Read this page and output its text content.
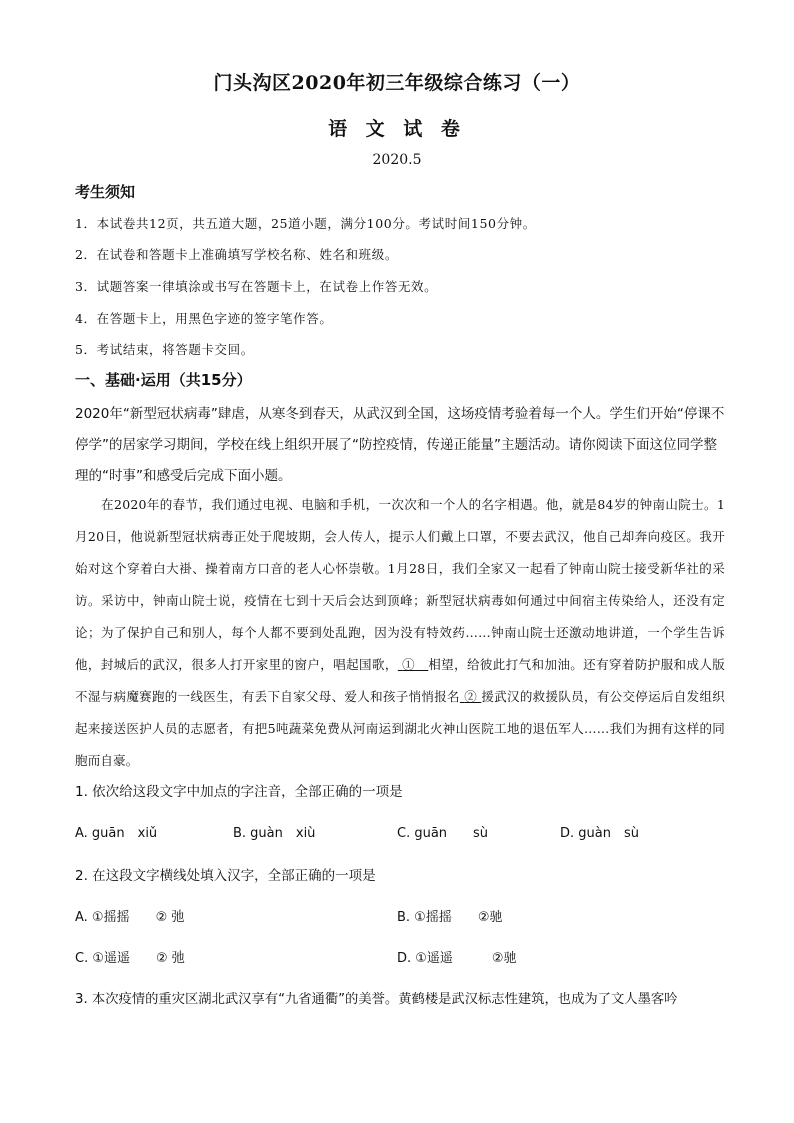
门头沟区2020年初三年级综合练习（一）
语 文 试 卷
2020.5
考生须知
1．本试卷共12页，共五道大题，25道小题，满分100分。考试时间150分钟。
2．在试卷和答题卡上准确填写学校名称、姓名和班级。
3．试题答案一律填涂或书写在答题卡上，在试卷上作答无效。
4．在答题卡上，用黑色字迹的签字笔作答。
5．考试结束，将答题卡交回。
一、基础·运用（共15分）
2020年“新型冠状病毒”肆虐，从寒冬到春天，从武汉到全国，这场疫情考验着每一个人。学生们开始“停课不停学”的居家学习期间，学校在线上组织开展了“防控疫情，传递正能量”主题活动。请你阅读下面这位同学整理的“时事”和感受后完成下面小题。
在2020年的春节，我们通过电视、电脑和手机，一次次和一个人的名字相遇。他，就是84岁的钟南山院士。1月20日，他说新型冠状病毒正处于爬坡期，会人传人，提示人们戴上口罩，不要去武汉，他自己却奔向疫区。我开始对这个穿着白大褂、操着南方口音的老人心怀崇敬。1月28日，我们全家又一起看了钟南山院士接受新华社的采访。采访中，钟南山院士说，疫情在七到十天后会达到顶峰；新型冠状病毒如何通过中间宿主传染给人，还没有定论；为了保护自己和别人，每个人都不要到处乱跑，因为没有特效药……钟南山院士还激动地讲道，一个学生告诉他，封城后的武汉，很多人打开家里的窗户，唱起国歌， ① 相望，给彼此打气和加油。还有穿着防护服和成人版不湿与病魔赛跑的一线医生，有丢下自家父母、爱人和孩子悄悄报名 ② 援武汉的救援队员，有公交停运后自发组织起来接送医护人员的志愿者，有把5吨蔬菜免费从河南运到湖北火神山医院工地的退伍军人……我们为拥有这样的同胞而自豪。
1. 依次给这段文字中加点的字注音，全部正确的一项是
A. guān　xiǔ	B. guàn　xiù	C. guān　　sù	D. guàn　sù
2. 在这段文字横线处填入汉字，全部正确的一项是
A. ①摇摇　　② 弛	B. ①摇摇　　②驰
C. ①遥遥　　② 弛	D. ①遥遥　　　②驰
3. 本次疫情的重灾区湖北武汉享有“九省通衢”的美誉。黄鹤楼是武汉标志性建筑，也成为了文人墨客吟
